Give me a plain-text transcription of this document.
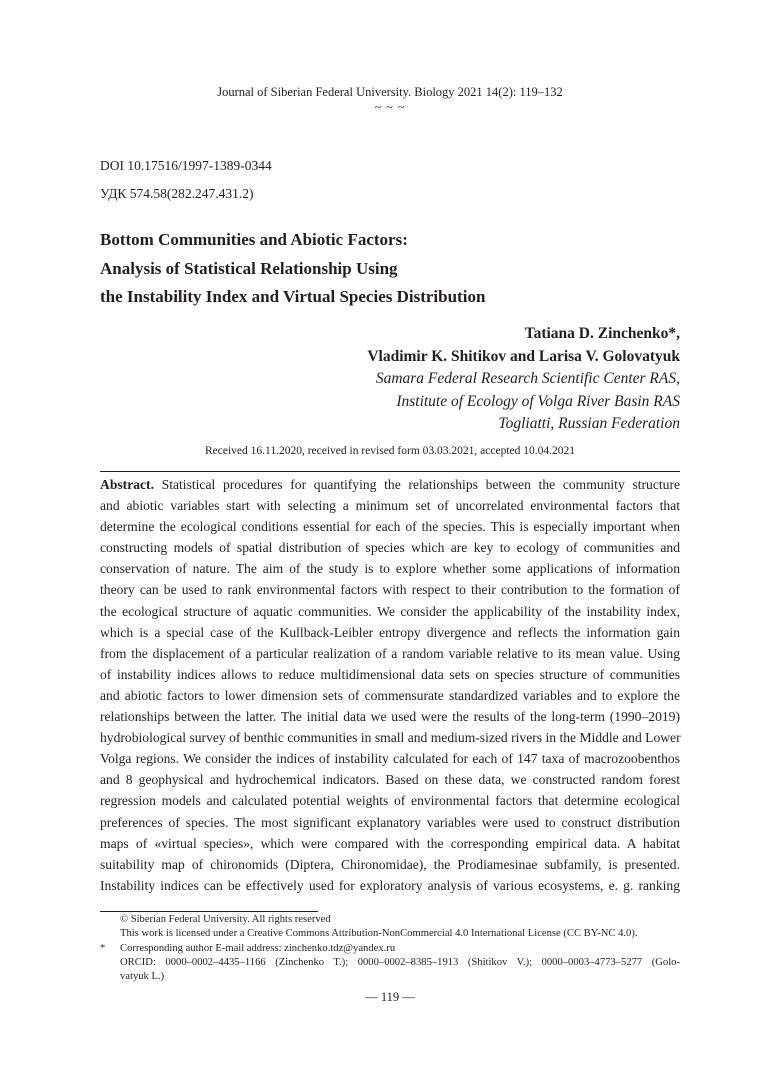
Journal of Siberian Federal University. Biology 2021 14(2): 119–132
~ ~ ~
DOI 10.17516/1997-1389-0344
УДК 574.58(282.247.431.2)
Bottom Communities and Abiotic Factors:
Analysis of Statistical Relationship Using
the Instability Index and Virtual Species Distribution
Tatiana D. Zinchenko*,
Vladimir K. Shitikov and Larisa V. Golovatyuk
Samara Federal Research Scientific Center RAS,
Institute of Ecology of Volga River Basin RAS
Togliatti, Russian Federation
Received 16.11.2020, received in revised form 03.03.2021, accepted 10.04.2021
Abstract. Statistical procedures for quantifying the relationships between the community structure
and abiotic variables start with selecting a minimum set of uncorrelated environmental factors that
determine the ecological conditions essential for each of the species. This is especially important when
constructing models of spatial distribution of species which are key to ecology of communities and
conservation of nature. The aim of the study is to explore whether some applications of information
theory can be used to rank environmental factors with respect to their contribution to the formation of
the ecological structure of aquatic communities. We consider the applicability of the instability index,
which is a special case of the Kullback-Leibler entropy divergence and reflects the information gain
from the displacement of a particular realization of a random variable relative to its mean value. Using
of instability indices allows to reduce multidimensional data sets on species structure of communities
and abiotic factors to lower dimension sets of commensurate standardized variables and to explore the
relationships between the latter. The initial data we used were the results of the long-term (1990–2019)
hydrobiological survey of benthic communities in small and medium-sized rivers in the Middle and Lower
Volga regions. We consider the indices of instability calculated for each of 147 taxa of macrozoobenthos
and 8 geophysical and hydrochemical indicators. Based on these data, we constructed random forest
regression models and calculated potential weights of environmental factors that determine ecological
preferences of species. The most significant explanatory variables were used to construct distribution
maps of «virtual species», which were compared with the corresponding empirical data. A habitat
suitability map of chironomids (Diptera, Chironomidae), the Prodiamesinae subfamily, is presented.
Instability indices can be effectively used for exploratory analysis of various ecosystems, e. g. ranking
© Siberian Federal University. All rights reserved
This work is licensed under a Creative Commons Attribution-NonCommercial 4.0 International License (CC BY-NC 4.0).
* Corresponding author E-mail address: zinchenko.tdz@yandex.ru
ORCID: 0000–0002–4435–1166 (Zinchenko T.); 0000–0002–8385–1913 (Shitikov V.); 0000–0003–4773–5277 (Golo-
vatyuk L.)
— 119 —
